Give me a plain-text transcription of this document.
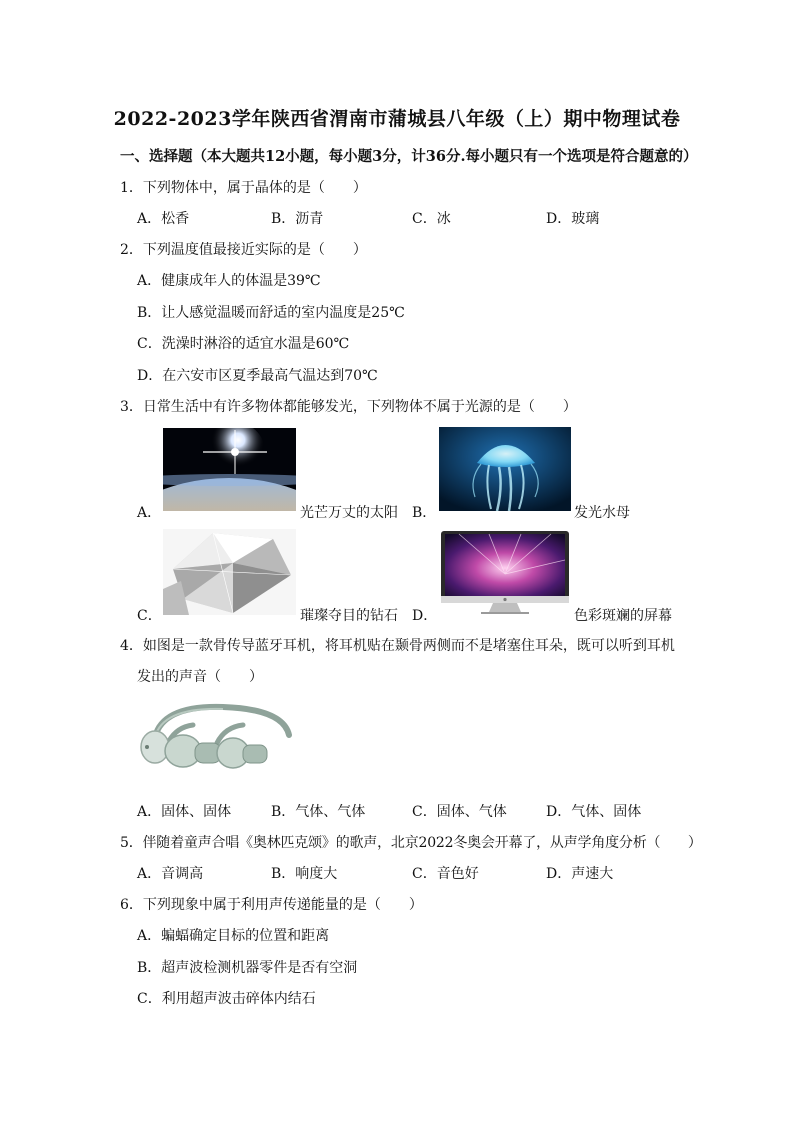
2022-2023学年陕西省渭南市蒲城县八年级（上）期中物理试卷
一、选择题（本大题共12小题，每小题3分，计36分.每小题只有一个选项是符合题意的）
1．下列物体中，属于晶体的是（　　）
A．松香	B．沥青	C．冰	D．玻璃
2．下列温度值最接近实际的是（　　）
A．健康成年人的体温是39℃
B．让人感觉温暖而舒适的室内温度是25℃
C．洗澡时淋浴的适宜水温是60℃
D．在六安市区夏季最高气温达到70℃
3．日常生活中有许多物体都能够发光，下列物体不属于光源的是（　　）
A．	光芒万丈的太阳 B．	发光水母
C．	璀璨夺目的钻石 D．	色彩斑斓的屏幕
4．如图是一款骨传导蓝牙耳机，将耳机贴在颞骨两侧而不是堵塞住耳朵，既可以听到耳机
发出的声音（　　）
A．固体、固体	B．气体、气体	C．固体、气体	D．气体、固体
5．伴随着童声合唱《奥林匹克颂》的歌声，北京2022冬奥会开幕了，从声学角度分析（　　）
A．音调高	B．响度大	C．音色好	D．声速大
6．下列现象中属于利用声传递能量的是（　　）
A．蝙蝠确定目标的位置和距离
B．超声波检测机器零件是否有空洞
C．利用超声波击碎体内结石
